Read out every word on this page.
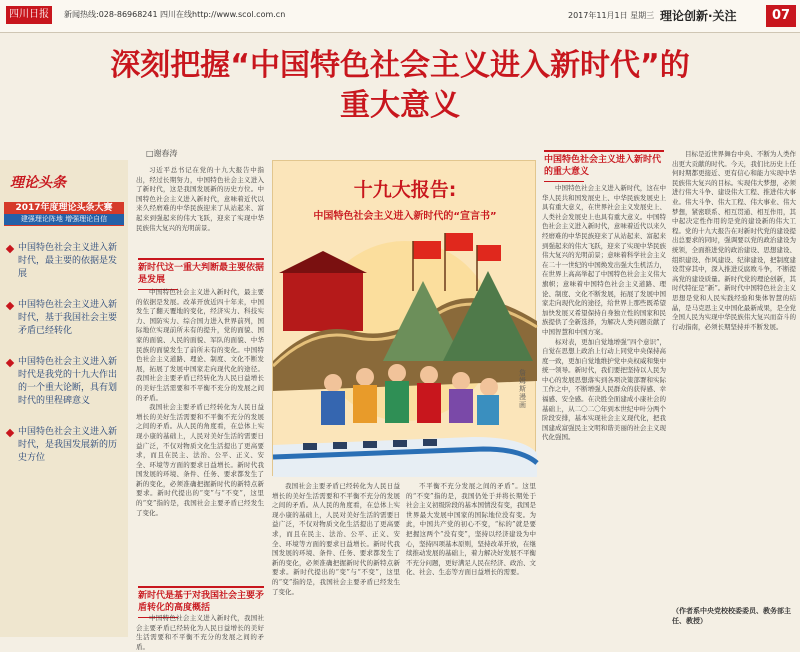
四川日报	新闻热线:028-86968241 四川在线http://www.scol.com.cn	2017年11月1日 星期三 理论创新·关注	07
深刻把握“中国特色社会主义进入新时代”的
重大意义
□谢春涛
理论头条
2017年度理论头条大赛
建强理论阵地 增强理论自信
中国特色社会主义进入新时代，最主要的依据是发展
中国特色社会主义进入新时代，基于我国社会主要矛盾已经转化
中国特色社会主义进入新时代是我党的十九大作出的一个重大论断，具有划时代的里程碑意义
中国特色社会主义进入新时代，是我国发展新的历史方位

习近平总书记在党的十九大报告中指出，经过长期努力，中国特色社会主义进入了新时代，这是我国发展新的历史方位。中国特色社会主义进入新时代，意味着近代以来久经磨难的中华民族迎来了从站起来、富起来到强起来的伟大飞跃，迎来了实现中华民族伟大复兴的光明前景。

新时代这一重大判断最主要依据是发展

中国特色社会主义进入新时代，最主要的依据是发展。改革开放近四十年来，中国发生了翻天覆地的变化，经济实力、科技实力、国防实力、综合国力进入世界前列，国际地位实现前所未有的提升，党的面貌、国家的面貌、人民的面貌、军队的面貌、中华民族的面貌发生了前所未有的变化。中国特色社会主义道路、理论、制度、文化不断发展，拓展了发展中国家走向现代化的途径。我国社会主要矛盾已经转化为人民日益增长的美好生活需要和不平衡不充分的发展之间的矛盾。

我国社会主要矛盾已经转化为人民日益增长的美好生活需要和不平衡不充分的发展之间的矛盾。从人民的角度看，在总体上实现小康的基础上，人民对美好生活的需要日益广泛，不仅对物质文化生活提出了更高要求，而且在民主、法治、公平、正义、安全、环境等方面的要求日益增长。新时代我国发展的环境、条件、任务、要求都发生了新的变化，必须准确把握新时代的新特点新要求。新时代提出的“变”与“不变”，这里的“变”指的是，我国社会主要矛盾已经发生了变化。

新时代是基于对我国社会主要矛盾转化的高度概括

中国特色社会主义进入新时代，我国社会主要矛盾已经转化为人民日益增长的美好生活需要和不平衡不充分的发展之间的矛盾。

十九大报告:
中国特色社会主义进入新时代的“宣言书”
詹姆斯漫画

我国社会主要矛盾已经转化为人民日益增长的美好生活需要和不平衡不充分的发展之间的矛盾。从人民的角度看，在总体上实现小康的基础上，人民对美好生活的需要日益广泛，不仅对物质文化生活提出了更高要求，而且在民主、法治、公平、正义、安全、环境等方面的要求日益增长。新时代我国发展的环境、条件、任务、要求都发生了新的变化，必须准确把握新时代的新特点新要求。新时代提出的“变”与“不变”，这里的“变”指的是，我国社会主要矛盾已经发生了变化。

不平衡不充分发展之间的矛盾”。这里的“不变”指的是，我国仍处于并将长期处于社会主义初级阶段的基本国情没有变，我国是世界最大发展中国家的国际地位没有变。为此，中国共产党的初心不变，“标的”就是要把握这两个“没有变”，坚持以经济建设为中心，坚持四项基本原则，坚持改革开放，在继续推动发展的基础上，着力解决好发展不平衡不充分问题，更好满足人民在经济、政治、文化、社会、生态等方面日益增长的需要。

中国特色社会主义进入新时代的重大意义

中国特色社会主义进入新时代，这在中华人民共和国发展史上、中华民族发展史上具有重大意义，在世界社会主义发展史上、人类社会发展史上也具有重大意义。中国特色社会主义进入新时代，意味着近代以来久经磨难的中华民族迎来了从站起来、富起来到强起来的伟大飞跃，迎来了实现中华民族伟大复兴的光明前景；意味着科学社会主义在二十一世纪的中国焕发出强大生机活力，在世界上高高举起了中国特色社会主义伟大旗帜；意味着中国特色社会主义道路、理论、制度、文化不断发展，拓展了发展中国家走向现代化的途径，给世界上那些既希望加快发展又希望保持自身独立性的国家和民族提供了全新选择，为解决人类问题贡献了中国智慧和中国方案。

标对表，更加自觉地增强“四个意识”，自觉在思想上政治上行动上同党中央保持高度一致，更加自觉地维护党中央权威和集中统一领导。新时代，我们要把坚持以人民为中心的发展思想落实到各项决策部署和实际工作之中，不断增强人民群众的获得感、幸福感、安全感。在决胜全面建成小康社会的基础上，从二〇二〇年到本世纪中叶分两个阶段安排，基本实现社会主义现代化，把我国建成富强民主文明和谐美丽的社会主义现代化强国。

目标是近世界舞台中央、不断为人类作出更大贡献的时代。今天，我们比历史上任何时期都更接近、更有信心和能力实现中华民族伟大复兴的目标。实现伟大梦想，必须进行伟大斗争、建设伟大工程、推进伟大事业。伟大斗争、伟大工程、伟大事业、伟大梦想，紧密联系、相互贯通、相互作用，其中起决定性作用的是党的建设新的伟大工程。党的十九大报告在对新时代党的建设提出总要求的同时，强调要以党的政治建设为统领，全面推进党的政治建设、思想建设、组织建设、作风建设、纪律建设，把制度建设贯穿其中，深入推进反腐败斗争，不断提高党的建设质量。新时代党的理论创新，其时代特征是“新”。新时代中国特色社会主义思想是党和人民实践经验和集体智慧的结晶，是马克思主义中国化最新成果，是全党全国人民为实现中华民族伟大复兴而奋斗的行动指南，必须长期坚持并不断发展。

（作者系中央党校校委委员、教务部主任、教授）
